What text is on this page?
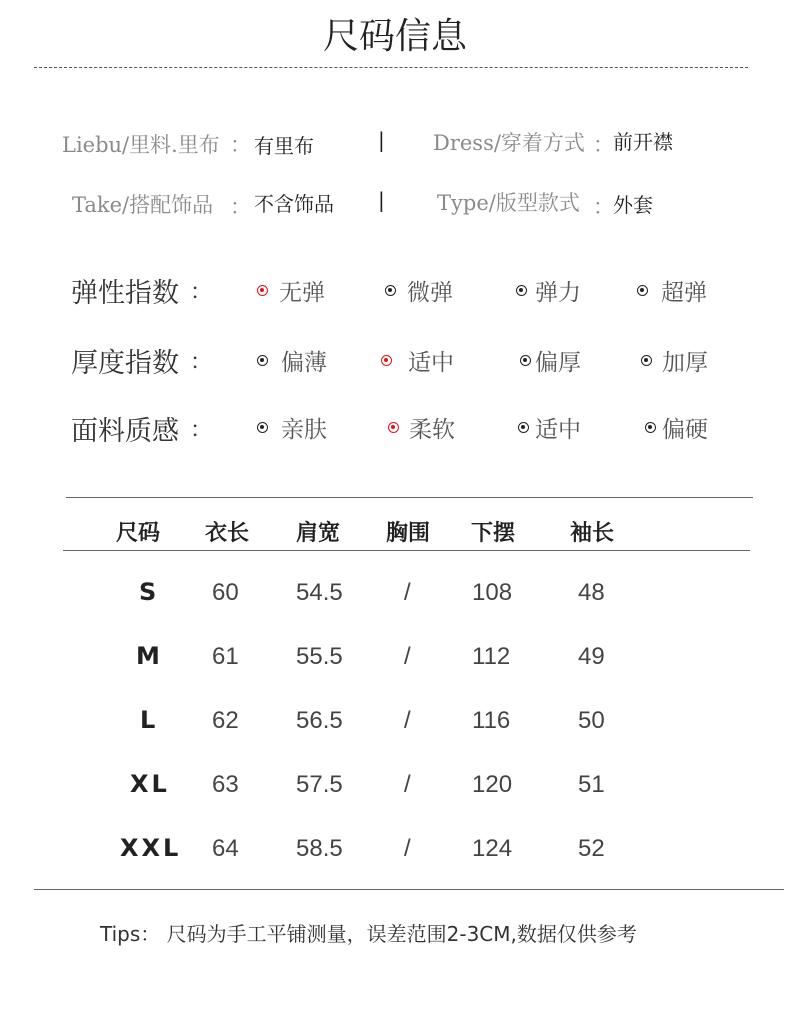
尺码信息
Liebu/里料.里布 ： 有里布	| Dress/穿着方式 ： 前开襟
Take/搭配饰品 ： 不含饰品 | Type/版型款式 ： 外套
弹性指数 ：	无弹	微弹	弹力	超弹
厚度指数 ：	偏薄	适中	偏厚	加厚
面料质感 ：	亲肤	柔软	适中	偏硬
尺码 衣长 肩宽 胸围 下摆 袖长
S 60 54.5	/	108	48
M 61 55.5	/	112	49
L 62 56.5	/	116	50
XL 63 57.5	/	120	51
XXL 64 58.5	/	124	52
Tips： 尺码为手工平铺测量，误差范围2-3CM,数据仅供参考
